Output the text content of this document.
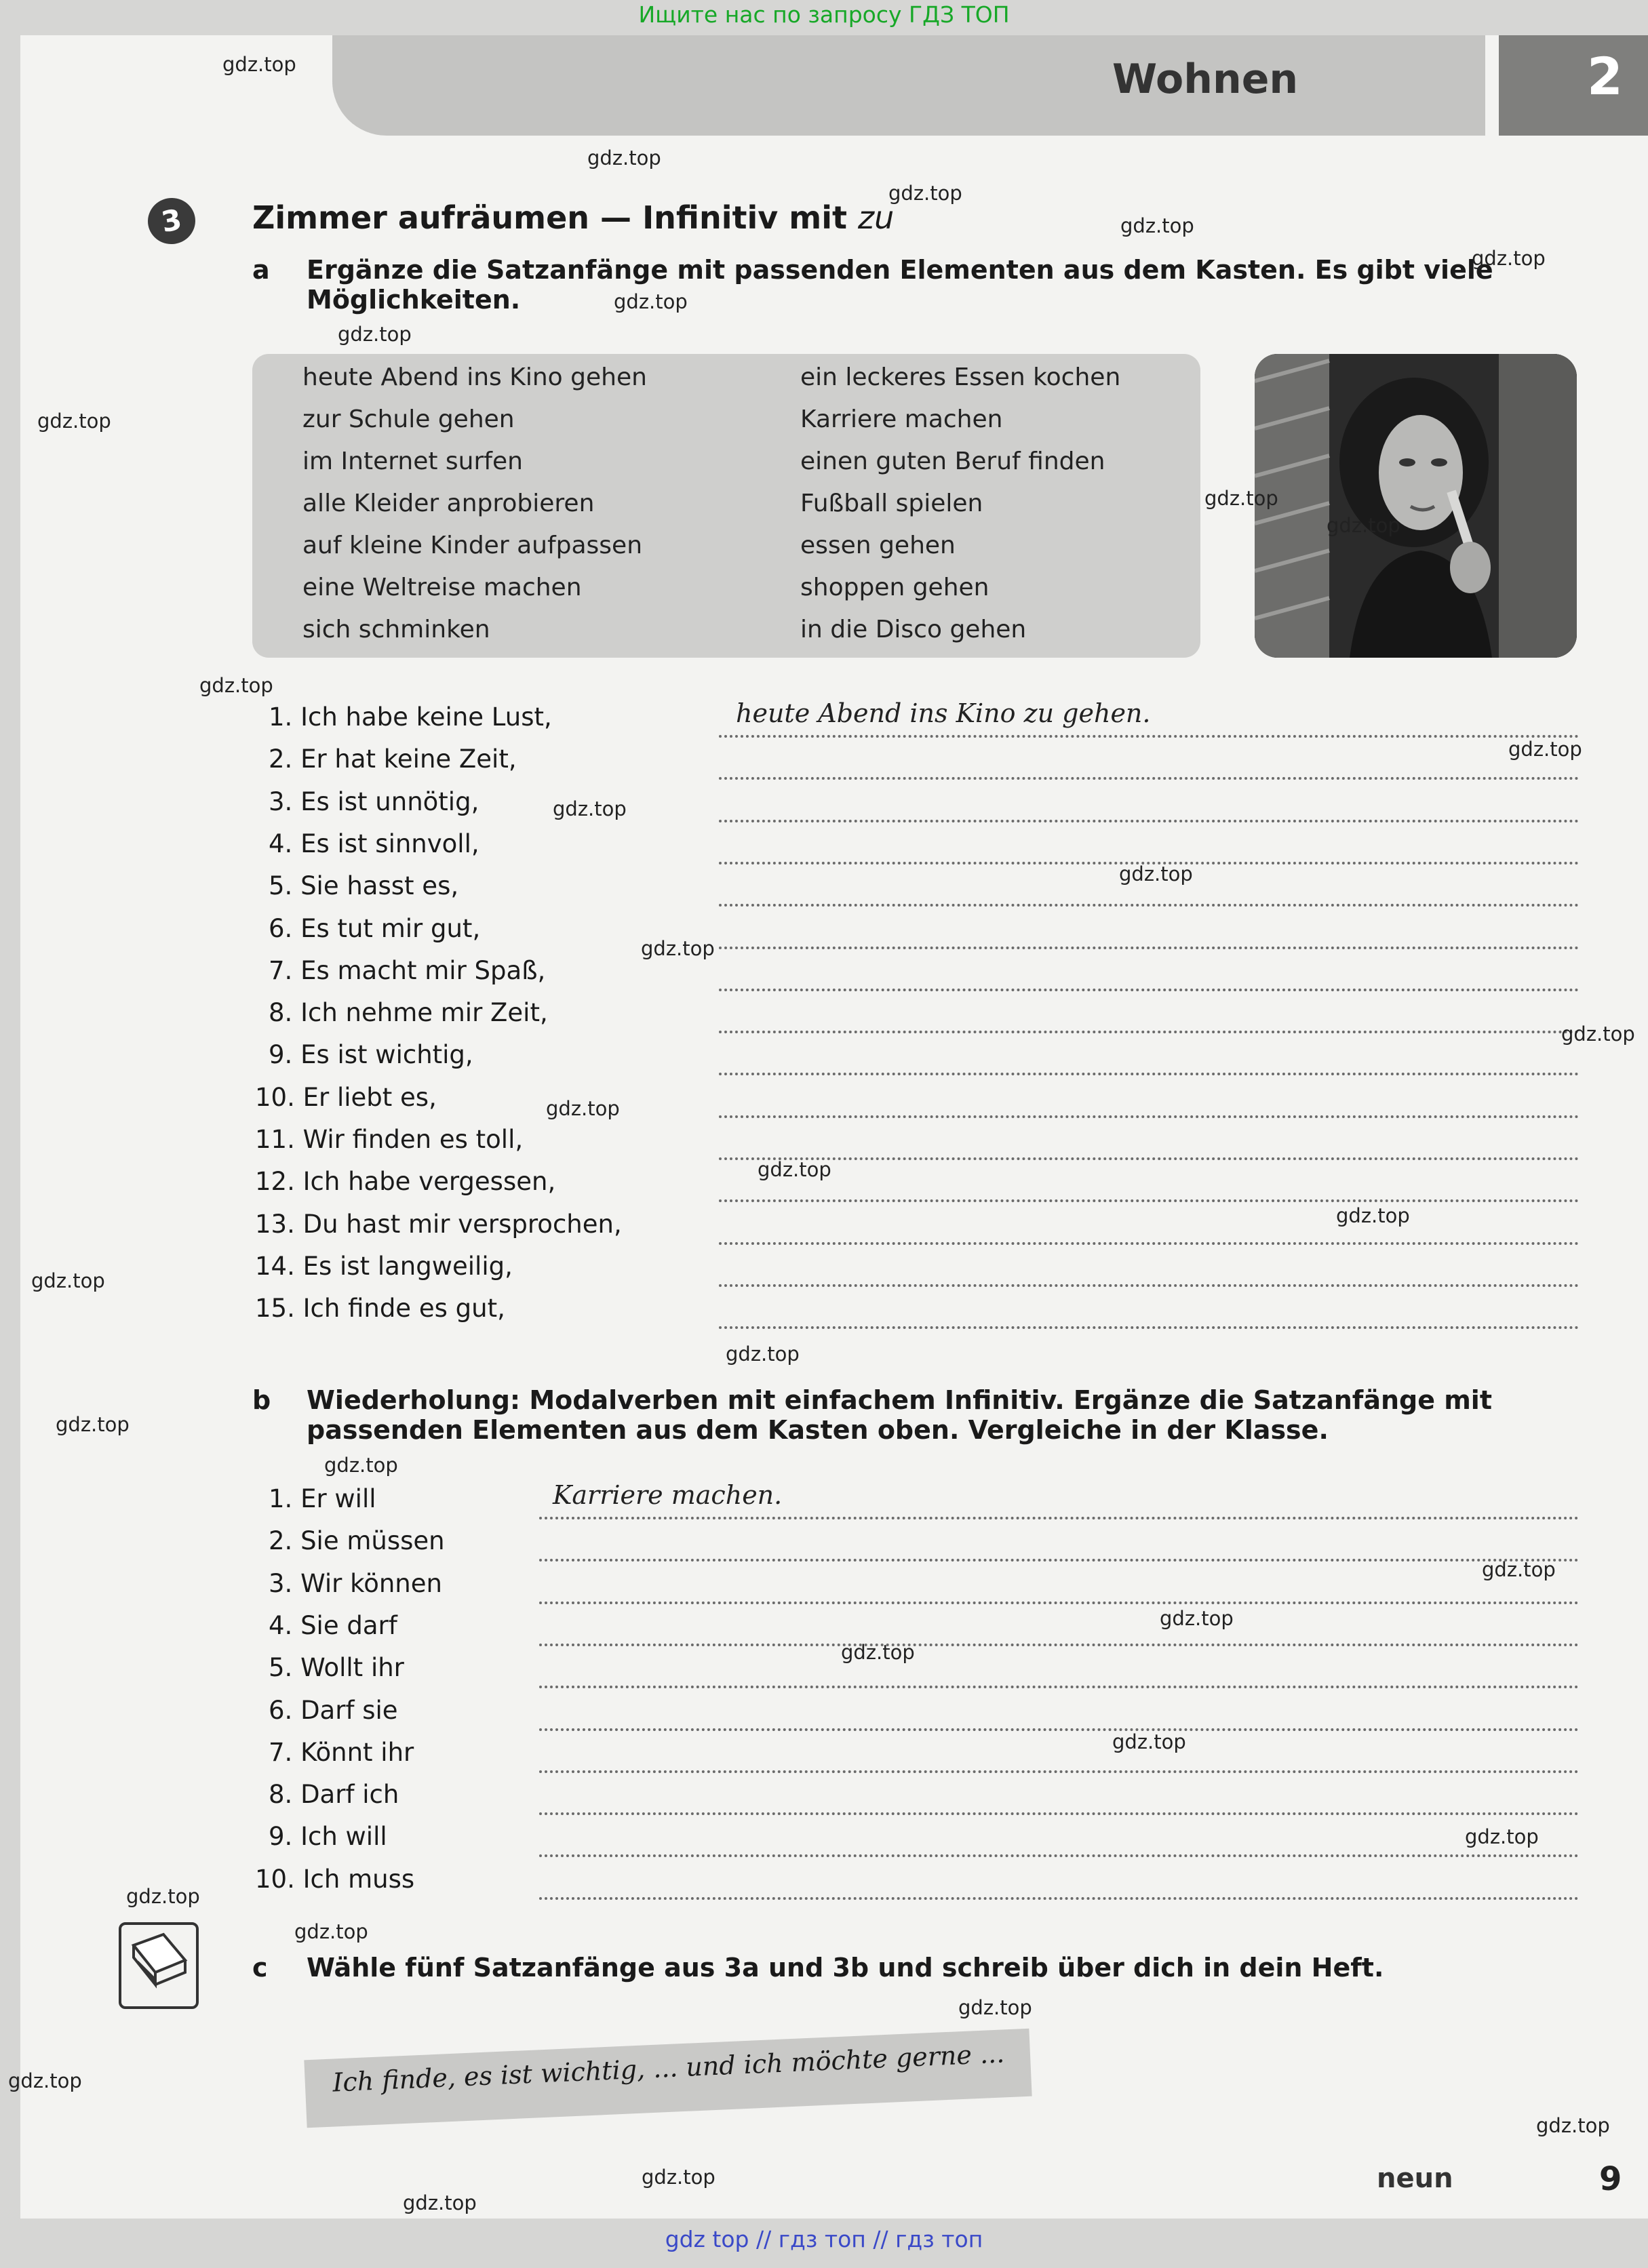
Ищите нас по запросу ГДЗ ТОП
Wohnen	2
3	Zimmer aufräumen — Infinitiv mit zu
a Ergänze die Satzanfänge mit passenden Elementen aus dem Kasten. Es gibt viele Möglichkeiten.
heute Abend ins Kino gehen
zur Schule gehen
im Internet surfen
alle Kleider anprobieren
auf kleine Kinder aufpassen
eine Weltreise machen
sich schminken
ein leckeres Essen kochen
Karriere machen
einen guten Beruf finden
Fußball spielen
essen gehen
shoppen gehen
in die Disco gehen
1. Ich habe keine Lust,
2. Er hat keine Zeit,
3. Es ist unnötig,
4. Es ist sinnvoll,
5. Sie hasst es,
6. Es tut mir gut,
7. Es macht mir Spaß,
8. Ich nehme mir Zeit,
9. Es ist wichtig,
10. Er liebt es,
11. Wir finden es toll,
12. Ich habe vergessen,
13. Du hast mir versprochen,
14. Es ist langweilig,
15. Ich finde es gut,
heute Abend ins Kino zu gehen.
b Wiederholung: Modalverben mit einfachem Infinitiv. Ergänze die Satzanfänge mit passenden Elementen aus dem Kasten oben. Vergleiche in der Klasse.
1. Er will
2. Sie müssen
3. Wir können
4. Sie darf
5. Wollt ihr
6. Darf sie
7. Könnt ihr
8. Darf ich
9. Ich will
10. Ich muss
Karriere machen.
c Wähle fünf Satzanfänge aus 3a und 3b und schreib über dich in dein Heft.
Ich finde, es ist wichtig, ... und ich möchte gerne ...
neun	9
gdz.top
gdz.top
gdz.top
gdz.top
gdz.top
gdz.top
gdz.top
gdz.top
gdz.top
gdz.top
gdz.top
gdz.top
gdz.top
gdz.top
gdz.top
gdz.top
gdz.top
gdz.top
gdz.top
gdz.top
gdz.top
gdz.top
gdz.top
gdz.top
gdz.top
gdz.top
gdz.top
gdz.top
gdz.top
gdz.top
gdz.top
gdz.top
gdz.top
gdz.top
gdz.top
gdz top // гдз топ // гдз топ
